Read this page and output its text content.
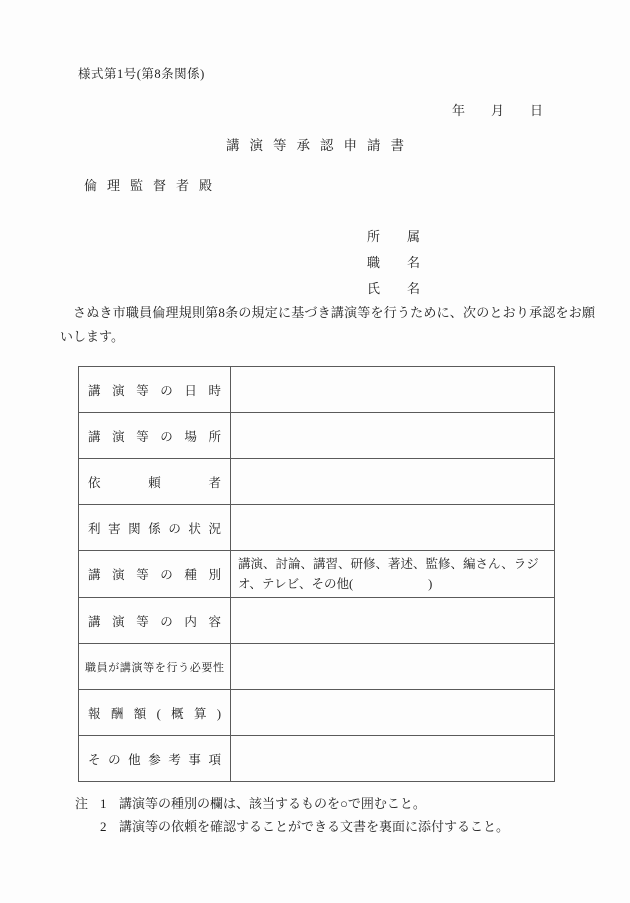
様式第1号(第8条関係)
年　　月　　日
講演等承認申請書
倫理監督者殿
所　属
職　名
氏　名
さぬき市職員倫理規則第8条の規定に基づき講演等を行うために、次のとおり承認をお願いします。
講演等の日時	
講演等の場所	
依頼者	
利害関係の状況	
講演等の種別	講演、討論、講習、研修、著述、監修、編さん、ラジオ、テレビ、その他(　　　　　　)
講演等の内容	
職員が講演等を行う必要性	
報酬額(概算)	
その他参考事項	
注 1 講演等の種別の欄は、該当するものを○で囲むこと。
2 講演等の依頼を確認することができる文書を裏面に添付すること。
